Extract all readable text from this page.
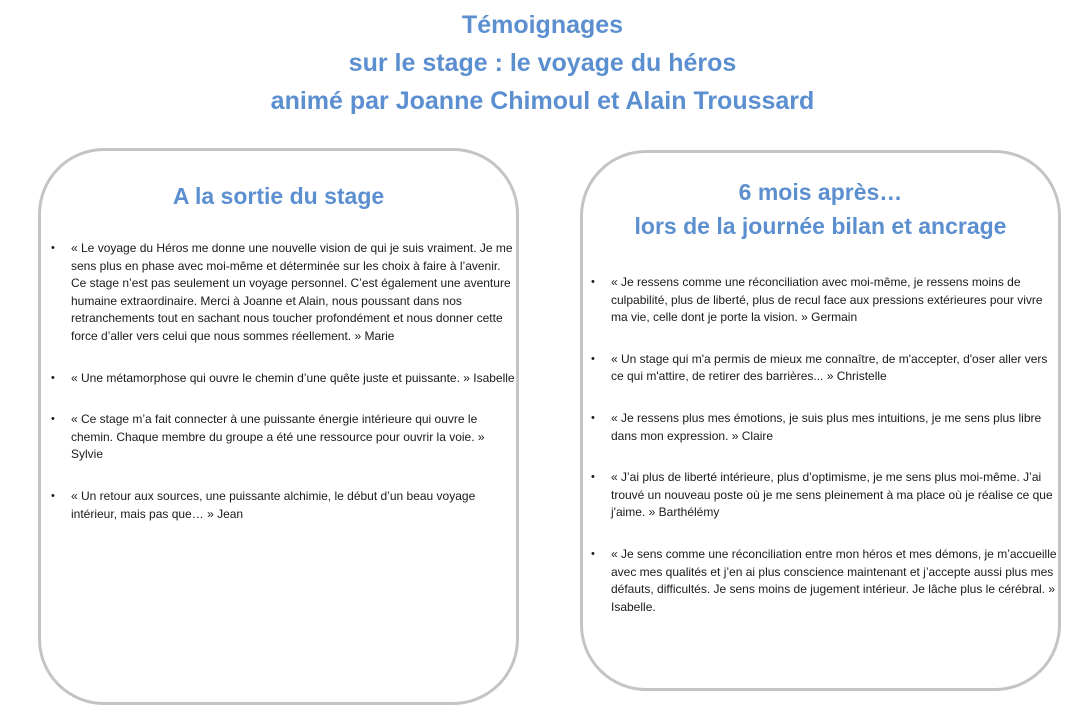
Témoignages
sur le stage : le voyage du héros
animé par Joanne Chimoul et Alain Troussard
A la sortie du stage
• « Le voyage du Héros me donne une nouvelle vision de qui je suis vraiment. Je me sens plus en phase avec moi-même et déterminée sur les choix à faire à l’avenir. Ce stage n’est pas seulement un voyage personnel. C’est également une aventure humaine extraordinaire. Merci à Joanne et Alain, nous poussant dans nos retranchements tout en sachant nous toucher profondément et nous donner cette force d’aller vers celui que nous sommes réellement. » Marie
• « Une métamorphose qui ouvre le chemin d’une quête juste et puissante. » Isabelle
• « Ce stage m’a fait connecter à une puissante énergie intérieure qui ouvre le chemin. Chaque membre du groupe a été une ressource pour ouvrir la voie. » Sylvie
• « Un retour aux sources, une puissante alchimie, le début d’un beau voyage intérieur, mais pas que… » Jean
6 mois après…
lors de la journée bilan et ancrage
• « Je ressens comme une réconciliation avec moi-même, je ressens moins de culpabilité, plus de liberté, plus de recul face aux pressions extérieures pour vivre ma vie, celle dont je porte la vision. » Germain
• « Un stage qui m'a permis de mieux me connaître, de m'accepter, d'oser aller vers ce qui m'attire, de retirer des barrières... » Christelle
• « Je ressens plus mes émotions, je suis plus mes intuitions, je me sens plus libre dans mon expression. » Claire
• « J’ai plus de liberté intérieure, plus d’optimisme, je me sens plus moi-même. J’ai trouvé un nouveau poste où je me sens pleinement à ma place où je réalise ce que j'aime. » Barthélémy
• « Je sens comme une réconciliation entre mon héros et mes démons, je m’accueille avec mes qualités et j’en ai plus conscience maintenant et j’accepte aussi plus mes défauts, difficultés. Je sens moins de jugement intérieur. Je lâche plus le cérébral. » Isabelle.
